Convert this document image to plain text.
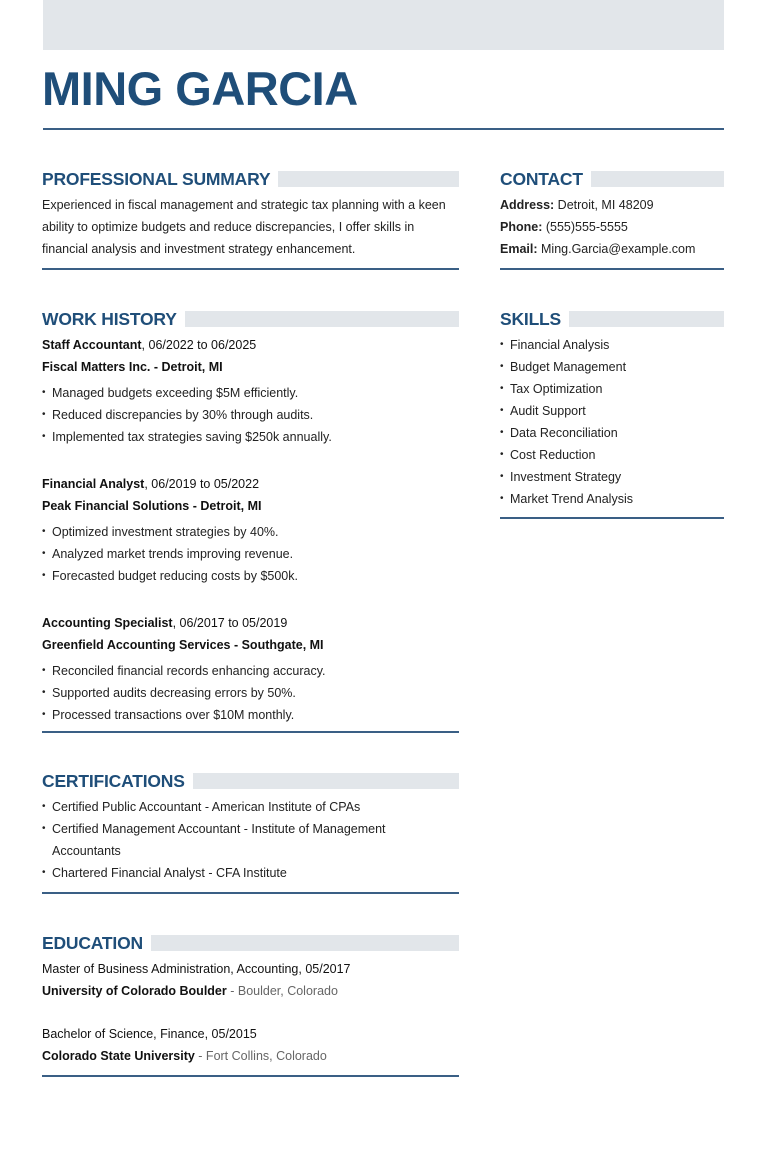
MING GARCIA
PROFESSIONAL SUMMARY

Experienced in fiscal management and strategic tax planning with a keen ability to optimize budgets and reduce discrepancies, I offer skills in financial analysis and investment strategy enhancement.

WORK HISTORY
Staff Accountant, 06/2022 to 06/2025
Fiscal Matters Inc. - Detroit, MI
• Managed budgets exceeding $5M efficiently.
• Reduced discrepancies by 30% through audits.
• Implemented tax strategies saving $250k annually.
Financial Analyst, 06/2019 to 05/2022
Peak Financial Solutions - Detroit, MI
• Optimized investment strategies by 40%.
• Analyzed market trends improving revenue.
• Forecasted budget reducing costs by $500k.
Accounting Specialist, 06/2017 to 05/2019
Greenfield Accounting Services - Southgate, MI
• Reconciled financial records enhancing accuracy.
• Supported audits decreasing errors by 50%.
• Processed transactions over $10M monthly.
CERTIFICATIONS
• Certified Public Accountant - American Institute of CPAs
• Certified Management Accountant - Institute of Management Accountants
• Chartered Financial Analyst - CFA Institute
EDUCATION
Master of Business Administration, Accounting, 05/2017
University of Colorado Boulder - Boulder, Colorado
Bachelor of Science, Finance, 05/2015
Colorado State University - Fort Collins, Colorado
CONTACT
Address: Detroit, MI 48209
Phone: (555)555-5555
Email: Ming.Garcia@example.com
SKILLS
• Financial Analysis
• Budget Management
• Tax Optimization
• Audit Support
• Data Reconciliation
• Cost Reduction
• Investment Strategy
• Market Trend Analysis
